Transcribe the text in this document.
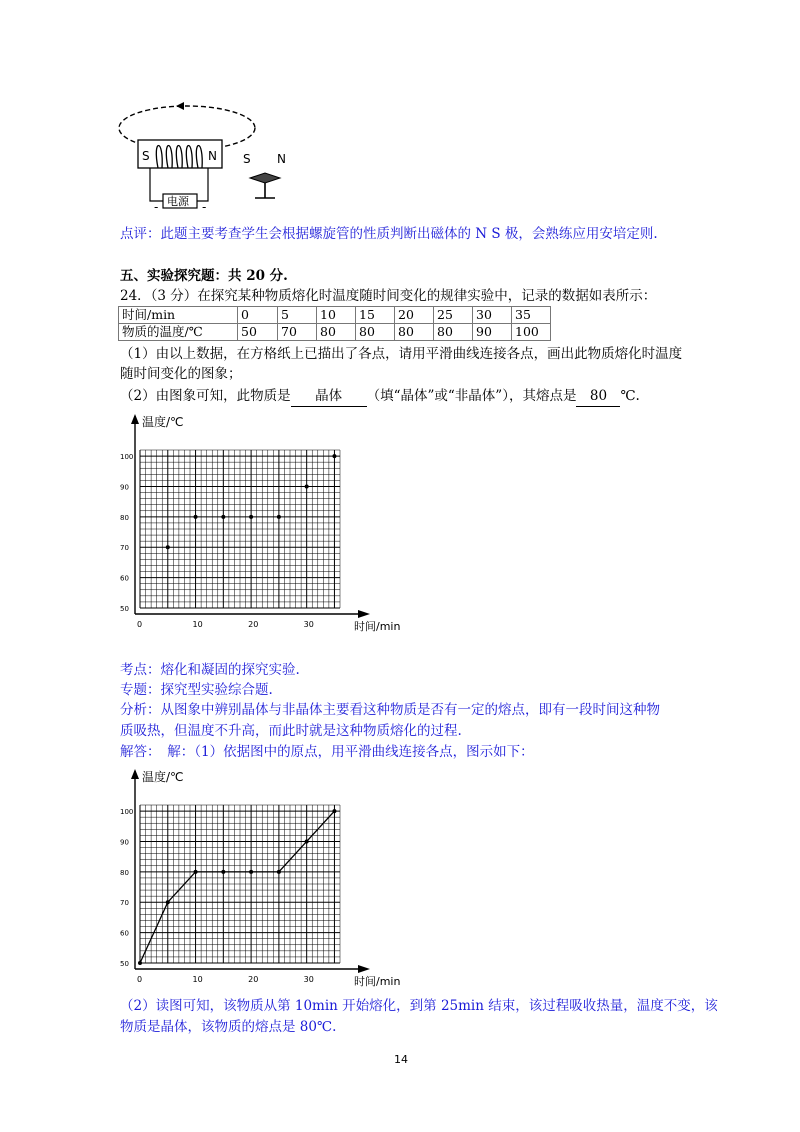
S	N
电源
-	-
S N
点评：此题主要考查学生会根据螺旋管的性质判断出磁体的 N S 极，会熟练应用安培定则.
五、实验探究题：共 20 分.
24．（3 分）在探究某种物质熔化时温度随时间变化的规律实验中，记录的数据如表所示：
时间/min	0	5	10	15	20	25	30	35
物质的温度/℃	50	70	80	80	80	80	90	100
（1）由以上数据，在方格纸上已描出了各点，请用平滑曲线连接各点，画出此物质熔化时温度
随时间变化的图象；
（2）由图象可知，此物质是 晶体 （填“晶体”或“非晶体”），其熔点是 80 ℃.
温度/℃
时间/min
50
60
70
80
90
100
0	10	20	30
考点：熔化和凝固的探究实验.
专题：探究型实验综合题.
分析：从图象中辨别晶体与非晶体主要看这种物质是否有一定的熔点，即有一段时间这种物
质吸热，但温度不升高，而此时就是这种物质熔化的过程.
解答：　解：（1）依据图中的原点，用平滑曲线连接各点，图示如下：
温度/℃
时间/min
50
60
70
80
90
100
0	10	20	30
（2）读图可知，该物质从第 10min 开始熔化，到第 25min 结束，该过程吸收热量，温度不变，该
物质是晶体，该物质的熔点是 80℃.
14
